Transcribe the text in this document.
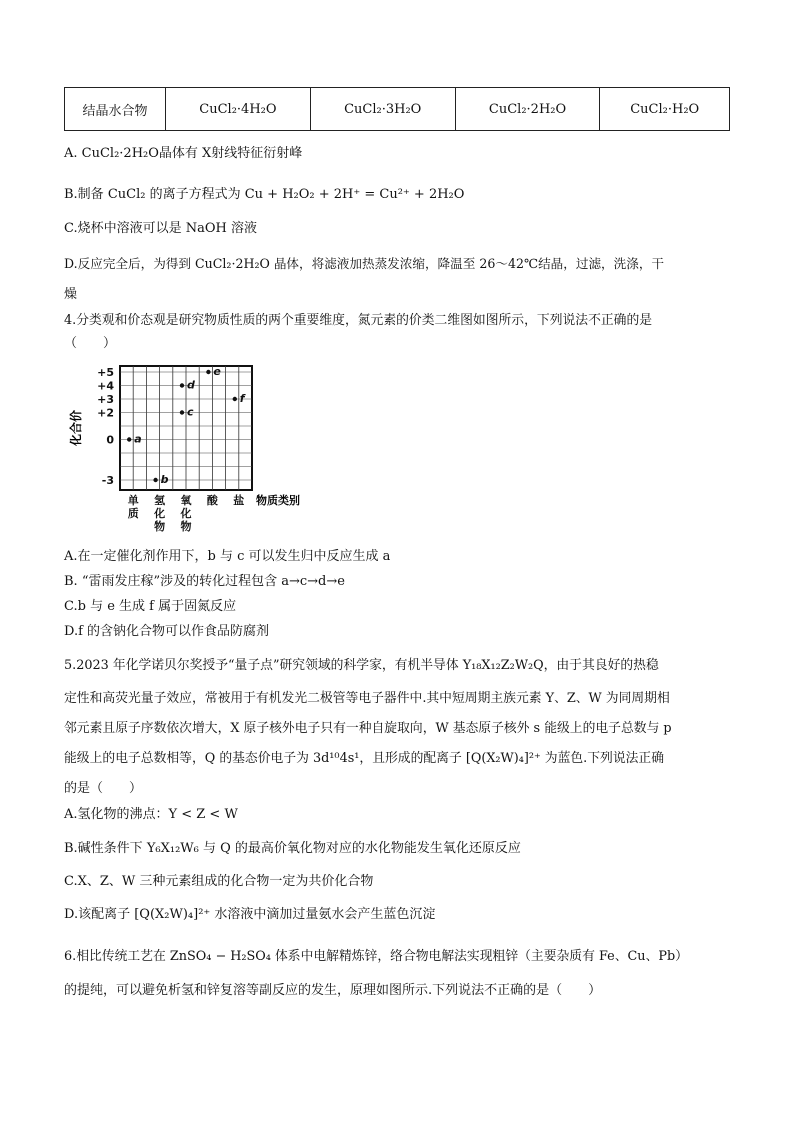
结晶水合物	CuCl₂·4H₂O	CuCl₂·3H₂O	CuCl₂·2H₂O	CuCl₂·H₂O
A. CuCl₂·2H₂O晶体有 X射线特征衍射峰
B.制备 CuCl₂ 的离子方程式为 Cu + H₂O₂ + 2H⁺ = Cu²⁺ + 2H₂O
C.烧杯中溶液可以是 NaOH 溶液
D.反应完全后，为得到 CuCl₂·2H₂O 晶体，将滤液加热蒸发浓缩，降温至 26～42℃结晶，过滤，洗涤，干
燥
4.分类观和价态观是研究物质性质的两个重要维度，氮元素的价类二维图如图所示，下列说法不正确的是
（　　）
+5
+4
+3
+2
0
-3
单
质
氢
化
物
氧
化
物
酸 盐
a
b
c
d
e
f
化合价
物质类别
A.在一定催化剂作用下，b 与 c 可以发生归中反应生成 a
B. “雷雨发庄稼”涉及的转化过程包含 a→c→d→e
C.b 与 e 生成 f 属于固氮反应
D.f 的含钠化合物可以作食品防腐剂
5.2023 年化学诺贝尔奖授予“量子点”研究领域的科学家，有机半导体 Y₁₈X₁₂Z₂W₂Q，由于其良好的热稳
定性和高荧光量子效应，常被用于有机发光二极管等电子器件中.其中短周期主族元素 Y、Z、W 为同周期相
邻元素且原子序数依次增大，X 原子核外电子只有一种自旋取向，W 基态原子核外 s 能级上的电子总数与 p
能级上的电子总数相等，Q 的基态价电子为 3d¹⁰4s¹，且形成的配离子 [Q(X₂W)₄]²⁺ 为蓝色.下列说法正确
的是（　　）
A.氢化物的沸点：Y < Z < W
B.碱性条件下 Y₆X₁₂W₆ 与 Q 的最高价氧化物对应的水化物能发生氧化还原反应
C.X、Z、W 三种元素组成的化合物一定为共价化合物
D.该配离子 [Q(X₂W)₄]²⁺ 水溶液中滴加过量氨水会产生蓝色沉淀
6.相比传统工艺在 ZnSO₄ − H₂SO₄ 体系中电解精炼锌，络合物电解法实现粗锌（主要杂质有 Fe、Cu、Pb）
的提纯，可以避免析氢和锌复溶等副反应的发生，原理如图所示.下列说法不正确的是（　　）
